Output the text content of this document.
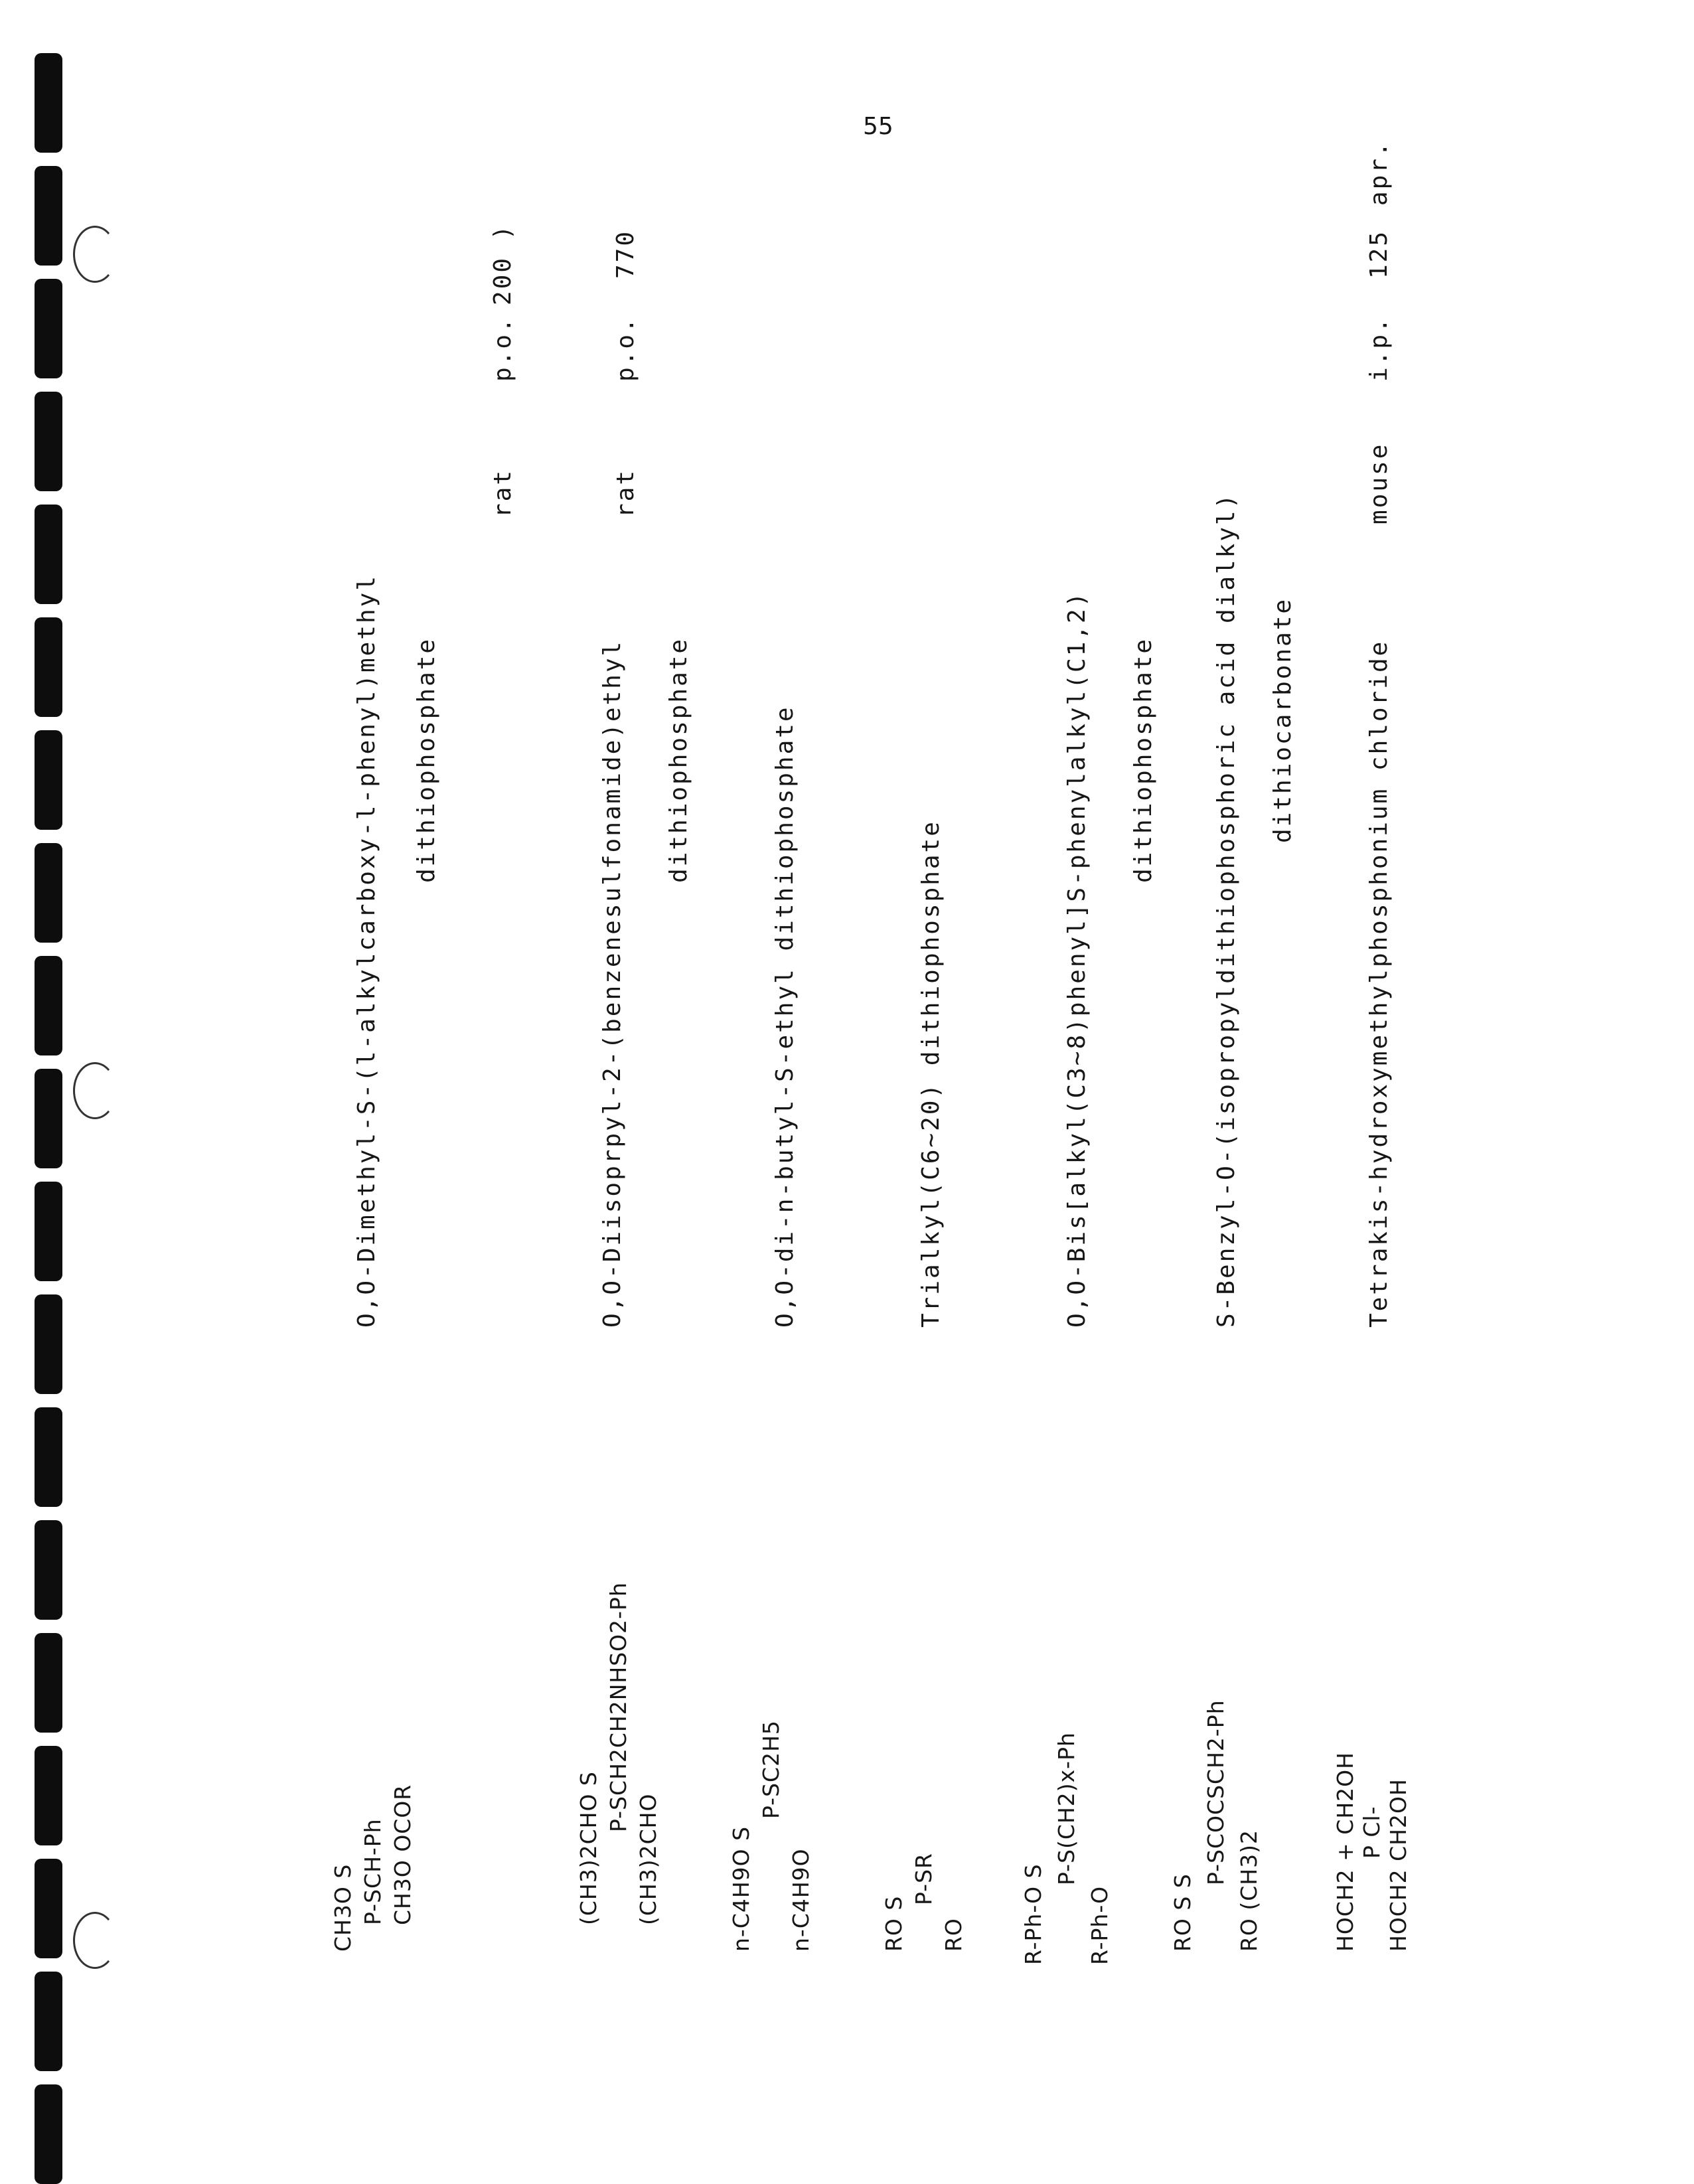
55
CH3O S P-SCH-Ph CH3O OCOR
O,O-Dimethyl-S-(l-alkylcarboxy-l-phenyl)methyl dithiophosphate
rat
p.o.
200 )
(CH3)2CHO S
P-SCH2CH2NHSO2-Ph
(CH3)2CHO
O,O-Diisoprpyl-2-(benzenesulfonamide)ethyl dithiophosphate
rat
p.o.
770
n-C4H9O S
P-SC2H5
n-C4H9O
O,O-di-n-butyl-S-ethyl dithiophosphate
RO S
P-SR
RO
Trialkyl(C6~20) dithiophosphate
R-Ph-O S
P-S(CH2)x-Ph
R-Ph-O
O,O-Bis[alkyl(C3~8)phenyl]S-phenylalkyl(C1,2) dithiophosphate
RO S S
P-SCOCSCH2-Ph
RO (CH3)2
S-Benzyl-O-(isopropyldithiophosphoric acid dialkyl) dithiocarbonate
HOCH2 + CH2OH P Cl- HOCH2 CH2OH
Tetrakis-hydroxymethylphosphonium chloride
mouse
i.p.
125
apr.
